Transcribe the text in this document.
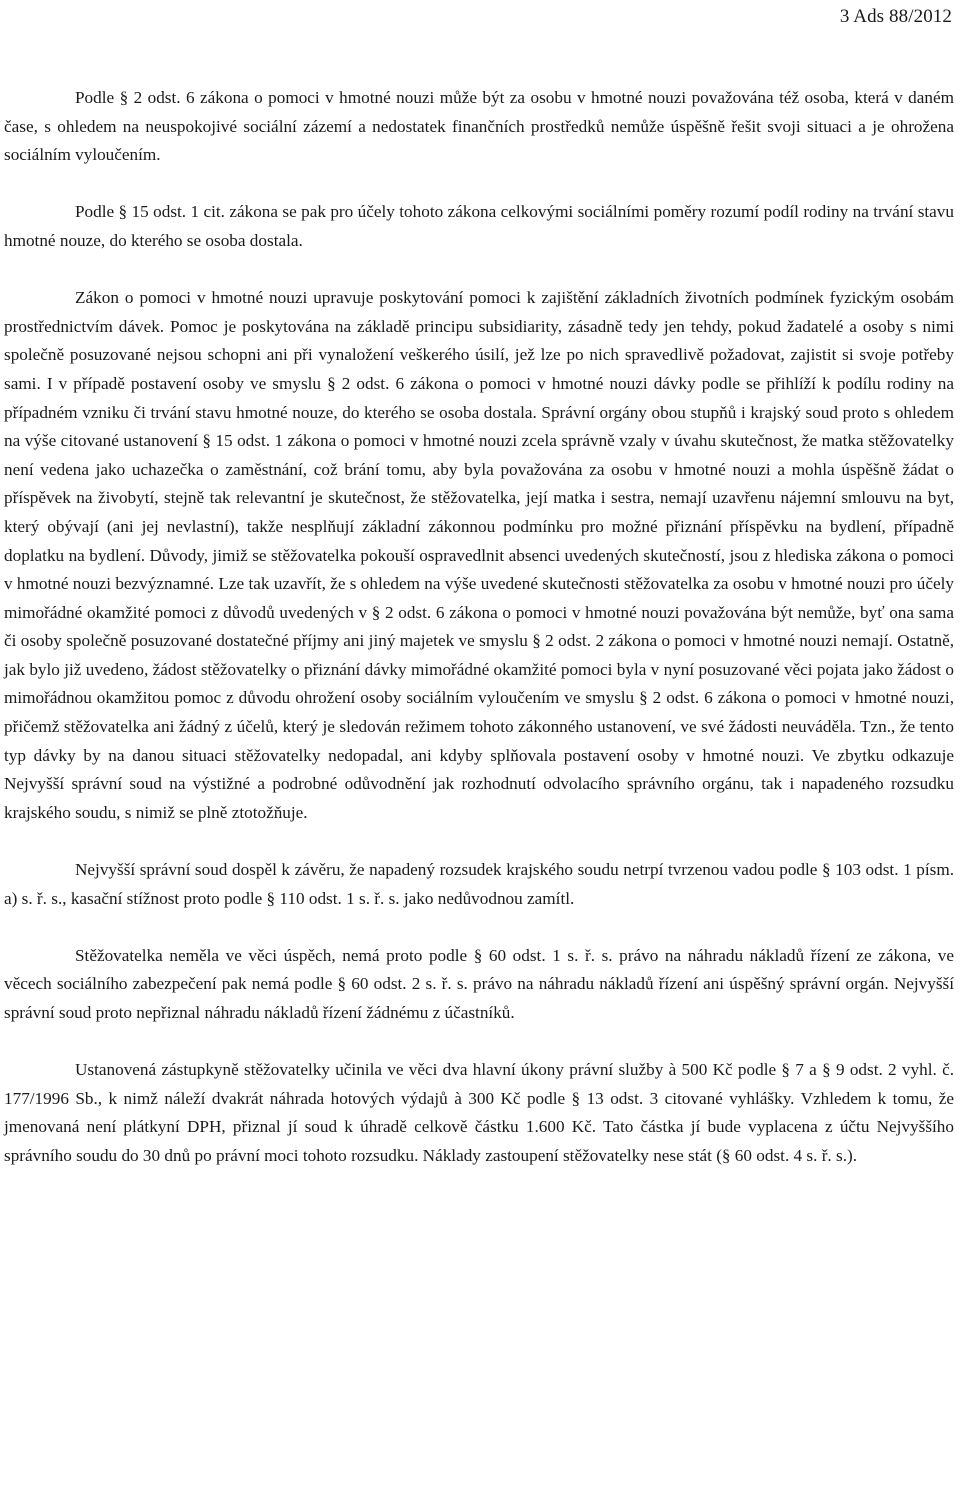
3 Ads 88/2012

Podle § 2 odst. 6 zákona o pomoci v hmotné nouzi může být za osobu v hmotné nouzi považována též osoba, která v daném čase, s ohledem na neuspokojivé sociální zázemí a nedostatek finančních prostředků nemůže úspěšně řešit svoji situaci a je ohrožena sociálním vyloučením.

Podle § 15 odst. 1 cit. zákona se pak pro účely tohoto zákona celkovými sociálními poměry rozumí podíl rodiny na trvání stavu hmotné nouze, do kterého se osoba dostala.

Zákon o pomoci v hmotné nouzi upravuje poskytování pomoci k zajištění základních životních podmínek fyzickým osobám prostřednictvím dávek. Pomoc je poskytována na základě principu subsidiarity, zásadně tedy jen tehdy, pokud žadatelé a osoby s nimi společně posuzované nejsou schopni ani při vynaložení veškerého úsilí, jež lze po nich spravedlivě požadovat, zajistit si svoje potřeby sami. I v případě postavení osoby ve smyslu § 2 odst. 6 zákona o pomoci v hmotné nouzi dávky podle se přihlíží k podílu rodiny na případném vzniku či trvání stavu hmotné nouze, do kterého se osoba dostala. Správní orgány obou stupňů i krajský soud proto s ohledem na výše citované ustanovení § 15 odst. 1 zákona o pomoci v hmotné nouzi zcela správně vzaly v úvahu skutečnost, že matka stěžovatelky není vedena jako uchazečka o zaměstnání, což brání tomu, aby byla považována za osobu v hmotné nouzi a mohla úspěšně žádat o příspěvek na živobytí, stejně tak relevantní je skutečnost, že stěžovatelka, její matka i sestra, nemají uzavřenu nájemní smlouvu na byt, který obývají (ani jej nevlastní), takže nesplňují základní zákonnou podmínku pro možné přiznání příspěvku na bydlení, případně doplatku na bydlení. Důvody, jimiž se stěžovatelka pokouší ospravedlnit absenci uvedených skutečností, jsou z hlediska zákona o pomoci v hmotné nouzi bezvýznamné. Lze tak uzavřít, že s ohledem na výše uvedené skutečnosti stěžovatelka za osobu v hmotné nouzi pro účely mimořádné okamžité pomoci z důvodů uvedených v § 2 odst. 6 zákona o pomoci v hmotné nouzi považována být nemůže, byť ona sama či osoby společně posuzované dostatečné příjmy ani jiný majetek ve smyslu § 2 odst. 2 zákona o pomoci v hmotné nouzi nemají. Ostatně, jak bylo již uvedeno, žádost stěžovatelky o přiznání dávky mimořádné okamžité pomoci byla v nyní posuzované věci pojata jako žádost o mimořádnou okamžitou pomoc z důvodu ohrožení osoby sociálním vyloučením ve smyslu § 2 odst. 6 zákona o pomoci v hmotné nouzi, přičemž stěžovatelka ani žádný z účelů, který je sledován režimem tohoto zákonného ustanovení, ve své žádosti neuváděla. Tzn., že tento typ dávky by na danou situaci stěžovatelky nedopadal, ani kdyby splňovala postavení osoby v hmotné nouzi. Ve zbytku odkazuje Nejvyšší správní soud na výstižné a podrobné odůvodnění jak rozhodnutí odvolacího správního orgánu, tak i napadeného rozsudku krajského soudu, s nimiž se plně ztotožňuje.

Nejvyšší správní soud dospěl k závěru, že napadený rozsudek krajského soudu netrpí tvrzenou vadou podle § 103 odst. 1 písm. a) s. ř. s., kasační stížnost proto podle § 110 odst. 1 s. ř. s. jako nedůvodnou zamítl.

Stěžovatelka neměla ve věci úspěch, nemá proto podle § 60 odst. 1 s. ř. s. právo na náhradu nákladů řízení ze zákona, ve věcech sociálního zabezpečení pak nemá podle § 60 odst. 2 s. ř. s. právo na náhradu nákladů řízení ani úspěšný správní orgán. Nejvyšší správní soud proto nepřiznal náhradu nákladů řízení žádnému z účastníků.

Ustanovená zástupkyně stěžovatelky učinila ve věci dva hlavní úkony právní služby à 500 Kč podle § 7 a § 9 odst. 2 vyhl. č. 177/1996 Sb., k nimž náleží dvakrát náhrada hotových výdajů à 300 Kč podle § 13 odst. 3 citované vyhlášky. Vzhledem k tomu, že jmenovaná není plátkyní DPH, přiznal jí soud k úhradě celkově částku 1.600 Kč. Tato částka jí bude vyplacena z účtu Nejvyššího správního soudu do 30 dnů po právní moci tohoto rozsudku. Náklady zastoupení stěžovatelky nese stát (§ 60 odst. 4 s. ř. s.).
